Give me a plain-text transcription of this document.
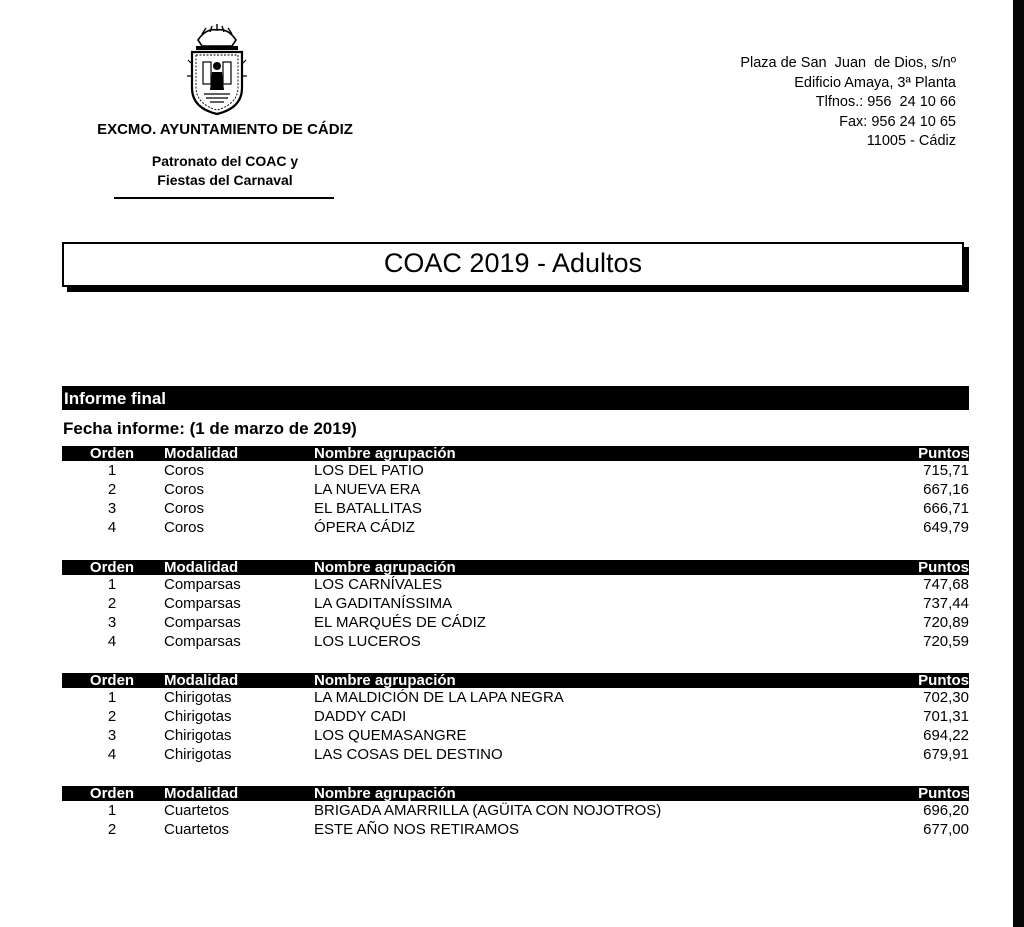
EXCMO. AYUNTAMIENTO DE CÁDIZ
Patronato del COAC y
Fiestas del Carnaval
Plaza de San  Juan  de Dios, s/nº
Edificio Amaya, 3ª Planta
Tlfnos.: 956  24 10 66
Fax: 956 24 10 65
11005 - Cádiz
COAC 2019 - Adultos
Informe final
Fecha informe: (1 de marzo de 2019)
Orden	Modalidad	Nombre agrupación	Puntos
1	Coros	LOS DEL PATIO	715,71
2	Coros	LA NUEVA ERA	667,16
3	Coros	EL BATALLITAS	666,71
4	Coros	ÓPERA CÁDIZ	649,79
Orden	Modalidad	Nombre agrupación	Puntos
1	Comparsas	LOS CARNÍVALES	747,68
2	Comparsas	LA GADITANÍSSIMA	737,44
3	Comparsas	EL MARQUÉS DE CÁDIZ	720,89
4	Comparsas	LOS LUCEROS	720,59
Orden	Modalidad	Nombre agrupación	Puntos
1	Chirigotas	LA MALDICIÓN DE LA LAPA NEGRA	702,30
2	Chirigotas	DADDY CADI	701,31
3	Chirigotas	LOS QUEMASANGRE	694,22
4	Chirigotas	LAS COSAS DEL DESTINO	679,91
Orden	Modalidad	Nombre agrupación	Puntos
1	Cuartetos	BRIGADA AMARRILLA (AGÜITA CON NOJOTROS)	696,20
2	Cuartetos	ESTE AÑO NOS RETIRAMOS	677,00
